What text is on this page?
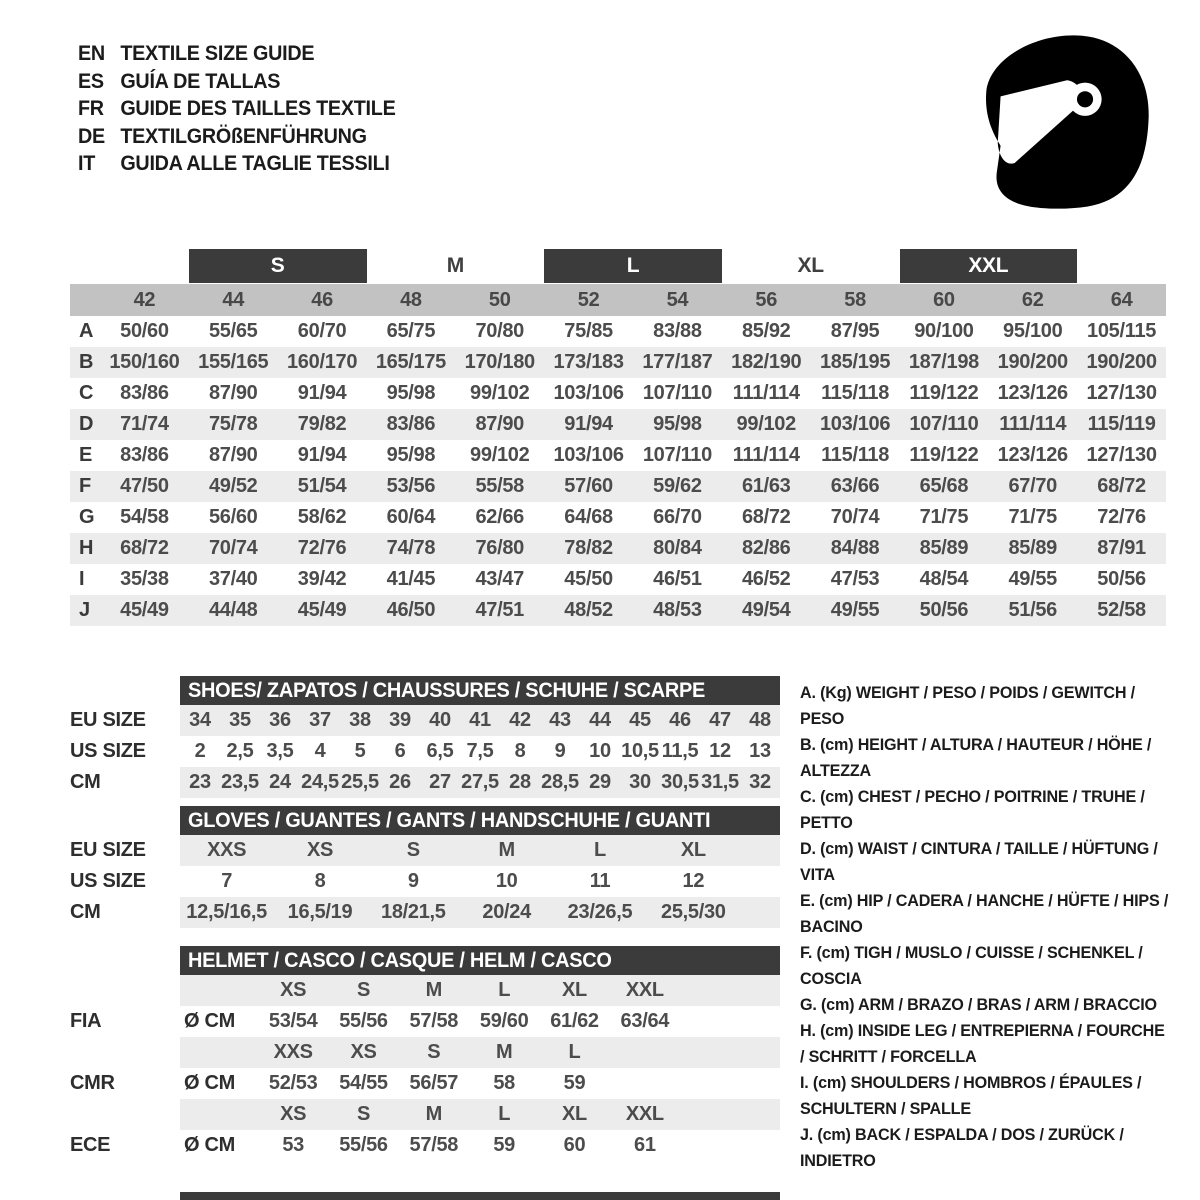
EN TEXTILE SIZE GUIDE
ES GUÍA DE TALLAS
FR GUIDE DES TAILLES TEXTILE
DE TEXTILGRÖßENFÜHRUNG
IT	GUIDA ALLE TAGLIE TESSILI
S	M	L	XL	XXL
42	44	46	48	50	52	54	56	58	60	62	64
A	50/60	55/65	60/70	65/75	70/80	75/85	83/88	85/92	87/95	90/100	95/100	105/115
B 150/160 155/165 160/170 165/175 170/180 173/183 177/187 182/190 185/195 187/198 190/200 190/200
C	83/86	87/90	91/94	95/98	99/102	103/106 107/110	111/114	115/118	119/122 123/126 127/130
D	71/74	75/78	79/82	83/86	87/90	91/94	95/98	99/102	103/106 107/110	111/114	115/119
E	83/86	87/90	91/94	95/98	99/102	103/106 107/110	111/114	115/118	119/122 123/126 127/130
F	47/50	49/52	51/54	53/56	55/58	57/60	59/62	61/63	63/66	65/68	67/70	68/72
G	54/58	56/60	58/62	60/64	62/66	64/68	66/70	68/72	70/74	71/75	71/75	72/76
H	68/72	70/74	72/76	74/78	76/80	78/82	80/84	82/86	84/88	85/89	85/89	87/91
I	35/38	37/40	39/42	41/45	43/47	45/50	46/51	46/52	47/53	48/54	49/55	50/56
J	45/49	44/48	45/49	46/50	47/51	48/52	48/53	49/54	49/55	50/56	51/56	52/58
SHOES/ ZAPATOS / CHAUSSURES / SCHUHE / SCARPE
EU SIZE	34 35 36 37 38 39 40 41 42 43 44 45 46 47 48
US SIZE	2	2,5 3,5	4	5	6	6,5 7,5	8	9	10 10,5 11,5 12 13
CM	23 23,5 24 24,5 25,5 26 27 27,5 28 28,5 29 30 30,5 31,5 32
GLOVES / GUANTES / GANTS / HANDSCHUHE / GUANTI
EU SIZE	XXS	XS	S	M	L	XL
US SIZE	7	8	9	10	11	12
CM	12,5/16,5	16,5/19	18/21,5	20/24	23/26,5	25,5/30
HELMET / CASCO / CASQUE / HELM / CASCO
XS	S	M	L	XL	XXL
FIA	Ø CM	53/54	55/56	57/58	59/60	61/62	63/64
XXS	XS	S	M	L
CMR	Ø CM	52/53	54/55	56/57	58	59
XS	S	M	L	XL	XXL
ECE	Ø CM	53	55/56	57/58	59	60	61
A. (Kg) WEIGHT / PESO / POIDS / GEWITCH / PESO
B. (cm) HEIGHT / ALTURA / HAUTEUR / HÖHE / ALTEZZA
C. (cm) CHEST / PECHO / POITRINE / TRUHE / PETTO
D. (cm) WAIST / CINTURA / TAILLE / HÜFTUNG / VITA
E. (cm) HIP / CADERA / HANCHE / HÜFTE / HIPS / BACINO
F. (cm) TIGH / MUSLO / CUISSE / SCHENKEL / COSCIA
G. (cm) ARM / BRAZO / BRAS / ARM / BRACCIO
H. (cm) INSIDE LEG / ENTREPIERNA / FOURCHE / SCHRITT / FORCELLA
I. (cm) SHOULDERS / HOMBROS / ÉPAULES / SCHULTERN / SPALLE
J. (cm) BACK / ESPALDA / DOS / ZURÜCK / INDIETRO
